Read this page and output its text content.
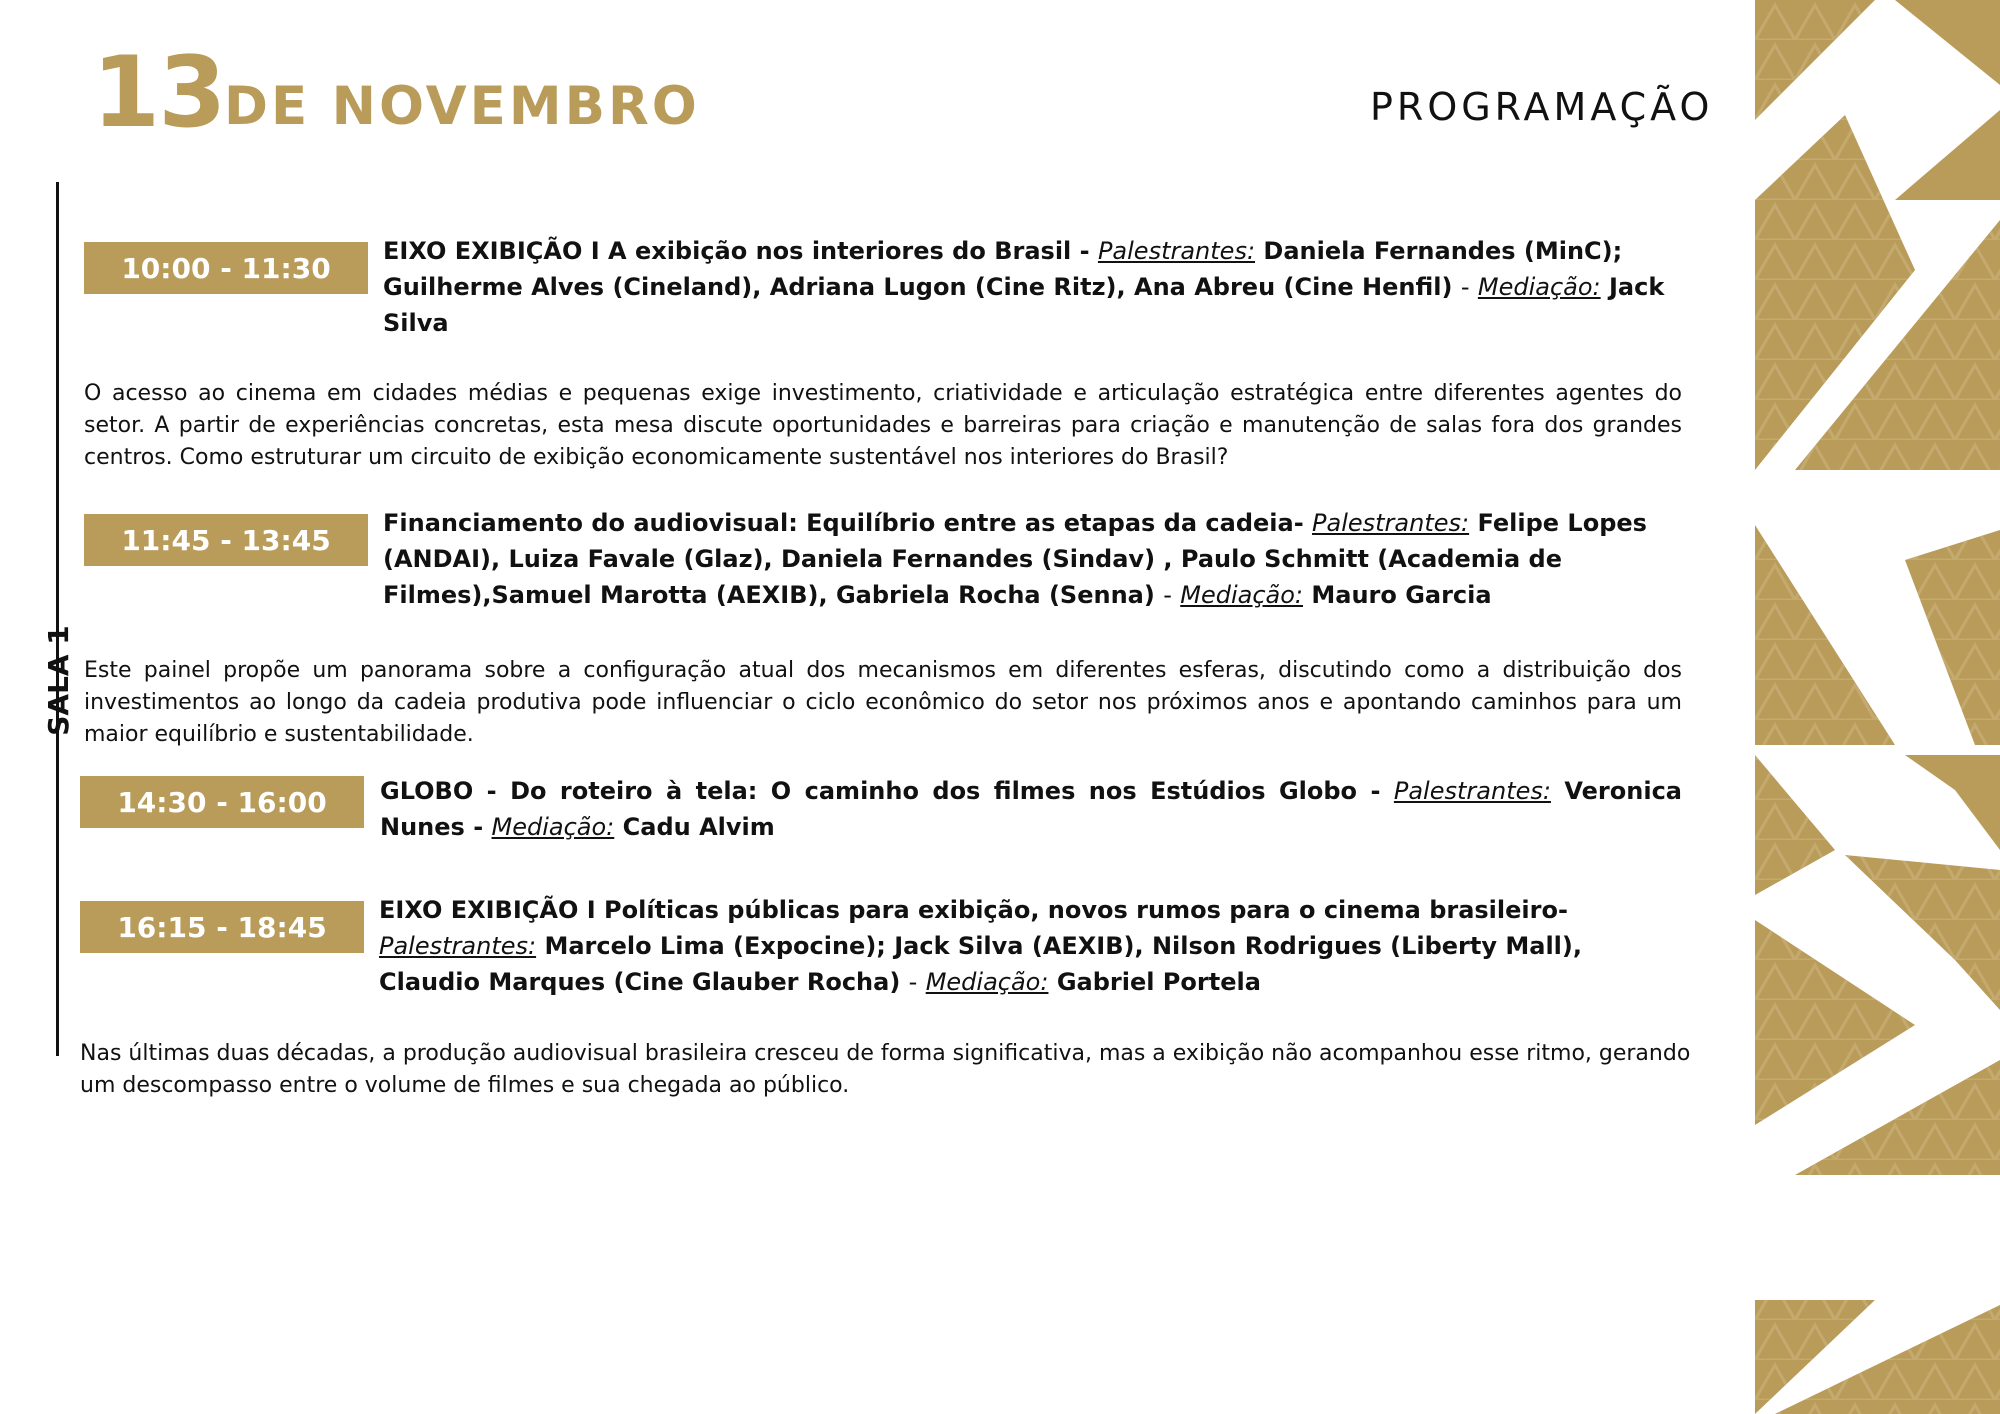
13 DE NOVEMBRO	PROGRAMAÇÃO
SALA 1
10:00 - 11:30
EIXO EXIBIÇÃO I A exibição nos interiores do Brasil - Palestrantes: Daniela Fernandes (MinC); Guilherme Alves (Cineland), Adriana Lugon (Cine Ritz), Ana Abreu (Cine Henfil) - Mediação: Jack Silva
O acesso ao cinema em cidades médias e pequenas exige investimento, criatividade e articulação estratégica entre diferentes agentes do setor. A partir de experiências concretas, esta mesa discute oportunidades e barreiras para criação e manutenção de salas fora dos grandes centros. Como estruturar um circuito de exibição economicamente sustentável nos interiores do Brasil?
11:45 - 13:45
Financiamento do audiovisual: Equilíbrio entre as etapas da cadeia- Palestrantes: Felipe Lopes (ANDAI), Luiza Favale (Glaz), Daniela Fernandes (Sindav) , Paulo Schmitt (Academia de Filmes),Samuel Marotta (AEXIB), Gabriela Rocha (Senna) - Mediação: Mauro Garcia
Este painel propõe um panorama sobre a configuração atual dos mecanismos em diferentes esferas, discutindo como a distribuição dos investimentos ao longo da cadeia produtiva pode influenciar o ciclo econômico do setor nos próximos anos e apontando caminhos para um maior equilíbrio e sustentabilidade.
14:30 - 16:00	GLOBO - Do roteiro à tela: O caminho dos filmes nos Estúdios Globo - Palestrantes: Veronica Nunes - Mediação: Cadu Alvim
16:15 - 18:45
EIXO EXIBIÇÃO I Políticas públicas para exibição, novos rumos para o cinema brasileiro- Palestrantes: Marcelo Lima (Expocine); Jack Silva (AEXIB), Nilson Rodrigues (Liberty Mall), Claudio Marques (Cine Glauber Rocha) - Mediação: Gabriel Portela
Nas últimas duas décadas, a produção audiovisual brasileira cresceu de forma significativa, mas a exibição não acompanhou esse ritmo, gerando um descompasso entre o volume de filmes e sua chegada ao público.
